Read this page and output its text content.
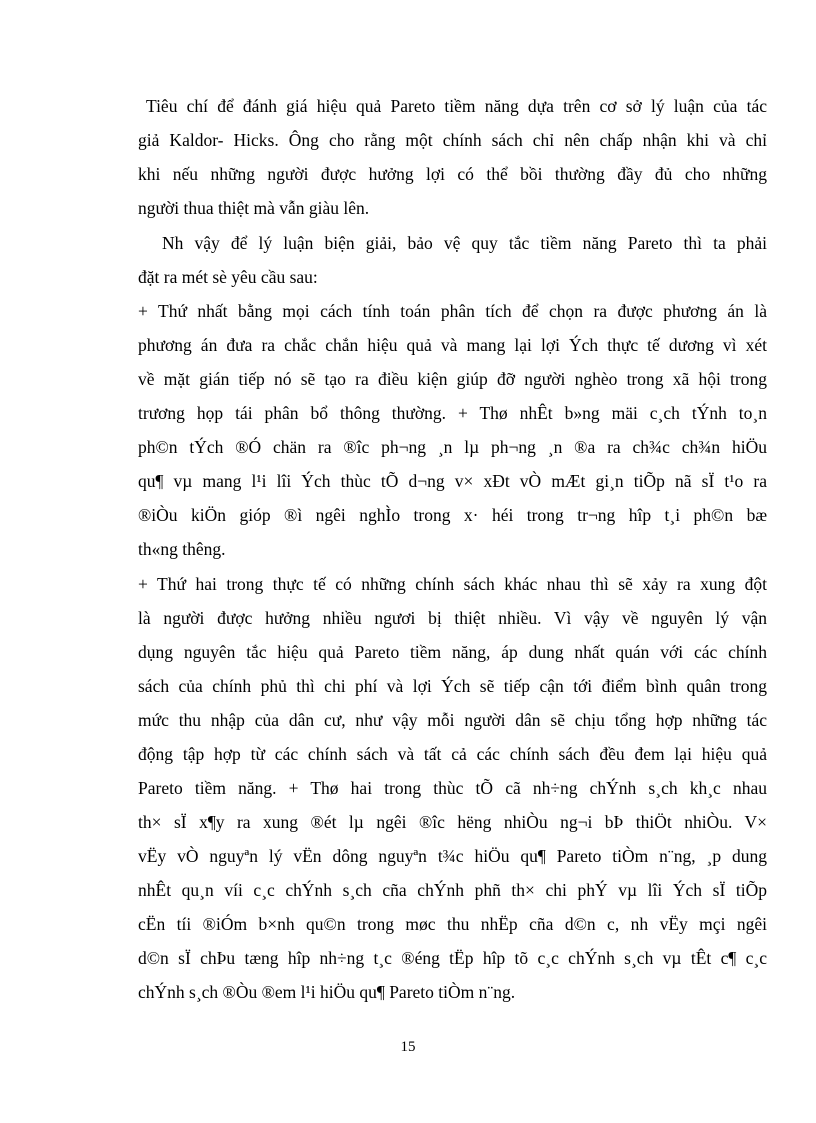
Tiêu chí để đánh giá hiệu quả Pareto tiềm năng dựa trên cơ sở lý luận của tác
giả Kaldor- Hicks. Ông cho rằng một chính sách chỉ nên chấp nhận khi và chỉ
khi nếu những người được hưởng lợi có thể bồi thường đầy đủ cho những
người thua thiệt mà vẫn giàu lên.
Nh vậy để lý luận biện giải, bảo vệ quy tắc tiềm năng Pareto thì ta phải
đặt ra mét sè yêu cầu sau:
+ Thứ nhất bằng mọi cách tính toán phân tích để chọn ra được phương án là
phương án đưa ra chắc chắn hiệu quả và mang lại lợi Ých thực tế dương vì xét
về mặt gián tiếp nó sẽ tạo ra điều kiện giúp đỡ người nghèo trong xã hội trong
trương họp tái phân bổ thông thường. + Thø nhÊt b»ng mäi c¸ch tÝnh to¸n
ph©n tÝch ®Ó chän ra ®îc ph¬ng ¸n lµ ph¬ng ¸n ®a ra ch¾c ch¾n hiÖu
qu¶ vµ mang l¹i lîi Ých thùc tÕ d¬ng v× xÐt vÒ mÆt gi¸n tiÕp nã sÏ t¹o ra
®iÒu kiÖn gióp ®ì ngêi nghÌo trong x· héi trong tr¬ng hîp t¸i ph©n bæ
th«ng thêng.
+ Thứ hai trong thực tế có những chính sách khác nhau thì sẽ xảy ra xung đột
là người được hưởng nhiều ngươi bị thiệt nhiều. Vì vậy về nguyên lý vận
dụng nguyên tắc hiệu quả Pareto tiềm năng, áp dung nhất quán với các chính
sách của chính phủ thì chi phí và lợi Ých sẽ tiếp cận tới điểm bình quân trong
mức thu nhập của dân cư, như vậy mỗi người dân sẽ chịu tổng hợp những tác
động tập hợp từ các chính sách và tất cả các chính sách đều đem lại hiệu quả
Pareto tiềm năng. + Thø hai trong thùc tÕ cã nh÷ng chÝnh s¸ch kh¸c nhau
th× sÏ x¶y ra xung ®ét lµ ngêi ®îc hëng nhiÒu ng¬i bÞ thiÖt nhiÒu. V×
vËy vÒ nguyªn lý vËn dông nguyªn t¾c hiÖu qu¶ Pareto tiÒm n¨ng, ¸p dung
nhÊt qu¸n víi c¸c chÝnh s¸ch cña chÝnh phñ th× chi phÝ vµ lîi Ých sÏ tiÕp
cËn tíi ®iÓm b×nh qu©n trong møc thu nhËp cña d©n c, nh vËy mçi ngêi
d©n sÏ chÞu tæng hîp nh÷ng t¸c ®éng tËp hîp tõ c¸c chÝnh s¸ch vµ tÊt c¶ c¸c
chÝnh s¸ch ®Òu ®em l¹i hiÖu qu¶ Pareto tiÒm n¨ng.
15
